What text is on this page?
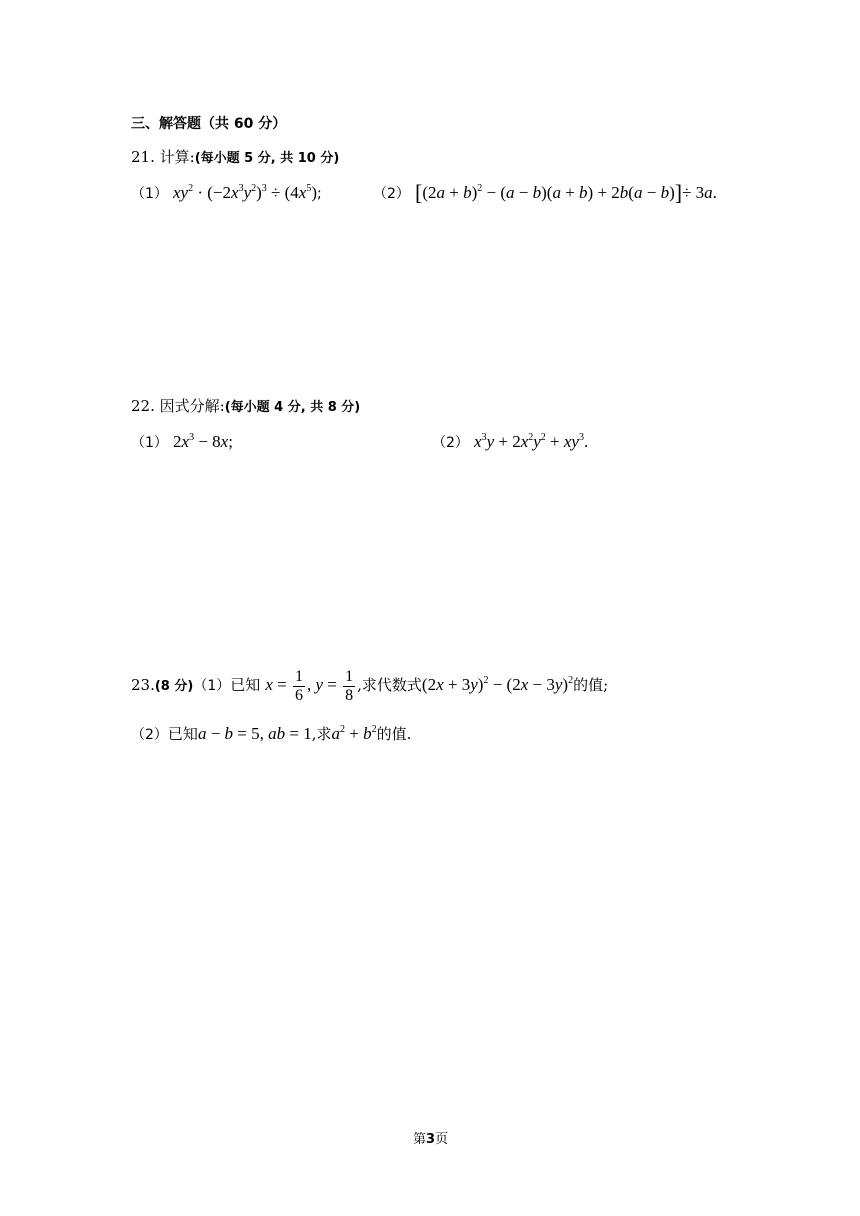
三、解答题（共 60 分）
21. 计算:(每小题 5 分, 共 10 分)
（1） $xy^2 \cdot (-2x^3y^2)^3 \div (4x^5)$;	（2） $[(2a + b)^2 - (a - b)(a + b) + 2b(a - b)]\div 3a$.
22. 因式分解:(每小题 4 分, 共 8 分)
（1） $2x^3 - 8x$;	（2） $x^3y + 2x^2y^2 + xy^3$.
23.(8 分)（1）已知 $x = \frac{1}{6}$ , $y = \frac{1}{8}$ ,求代数式$(2x + 3y)^2 - (2x - 3y)^2$的值;
（2）已知a − b = 5, ab = 1,求$a^2 + b^2$的值.
第3页
